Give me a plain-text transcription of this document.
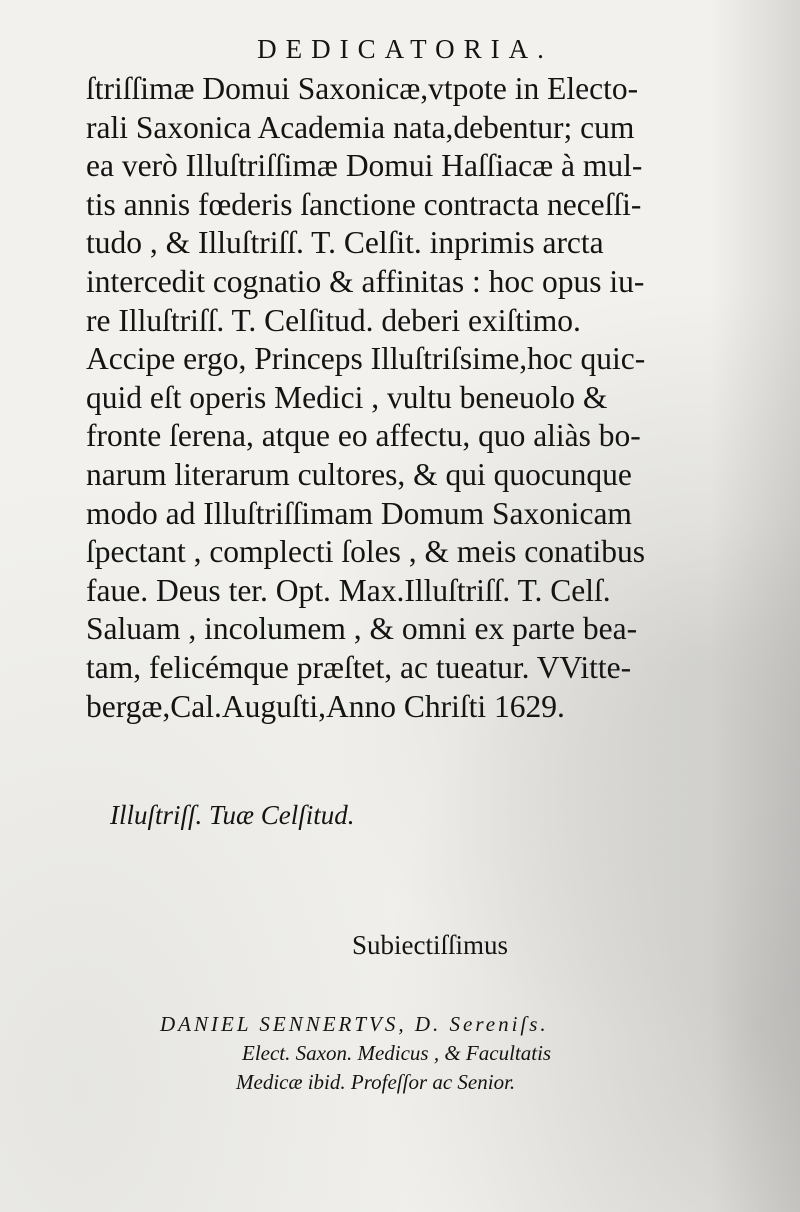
DEDICATORIA.
ſtriſſimæ Domui Saxonicæ,vtpote in Electo-
rali Saxonica Academia nata,debentur; cum
ea verò Illuſtriſſimæ Domui Haſſiacæ à mul-
tis annis fœderis ſanctione contracta neceſſi-
tudo , & Illuſtriſſ. T. Celſit. inprimis arcta
intercedit cognatio & affinitas : hoc opus iu-
re Illuſtriſſ. T. Celſitud. deberi exiſtimo.
Accipe ergo, Princeps Illuſtriſsime,hoc quic-
quid eſt operis Medici , vultu beneuolo &
fronte ſerena, atque eo affectu, quo aliàs bo-
narum literarum cultores, & qui quocunque
modo ad Illuſtriſſimam Domum Saxonicam
ſpectant , complecti ſoles , & meis conatibus
faue. Deus ter. Opt. Max.Illuſtriſſ. T. Celſ.
Saluam , incolumem , & omni ex parte bea-
tam, felicémque præſtet, ac tueatur. VVitte-
bergæ,Cal.Auguſti,Anno Chriſti 1629.
Illuſtriſſ. Tuæ Celſitud.
Subiectiſſimus
DANIEL SENNERTVS, D. Sereniſs.
Elect. Saxon. Medicus , & Facultatis
Medicæ ibid. Profeſſor ac Senior.
